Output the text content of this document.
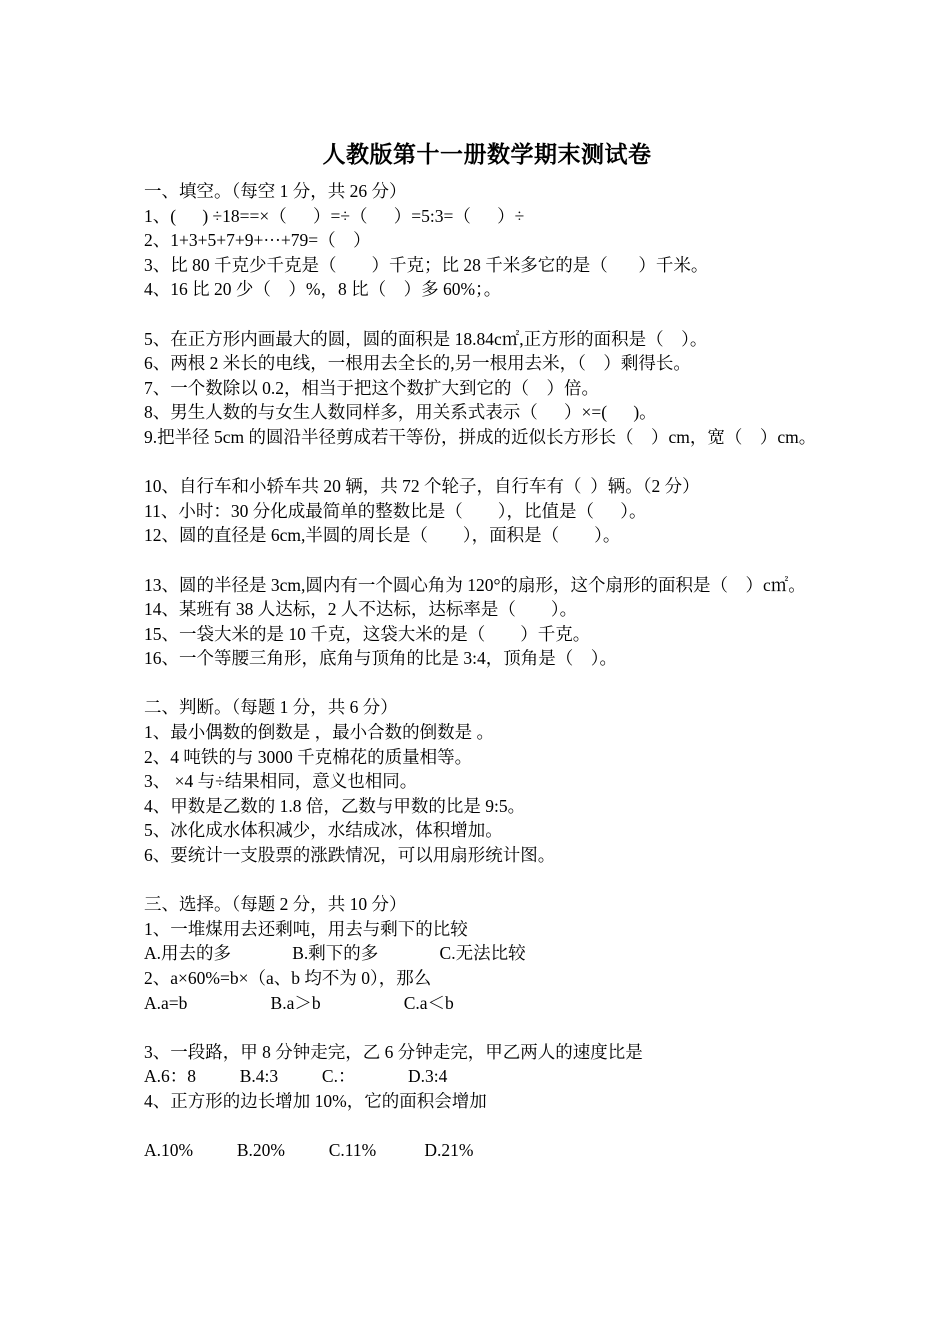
人教版第十一册数学期末测试卷
一、填空。（每空 1 分，共 26 分）
1、(      ) ÷18==×（      ）=÷（      ）=5:3=（      ）÷
2、1+3+5+7+9+···+79=（    ）
3、比 80 千克少千克是（        ）千克；比 28 千米多它的是（       ）千米。
4、16 比 20 少（    ）%，8 比（    ）多 60%；。
5、在正方形内画最大的圆，圆的面积是 18.84c㎡,正方形的面积是（    ）。
6、两根 2 米长的电线，一根用去全长的,另一根用去米，（    ）剩得长。
7、一个数除以 0.2，相当于把这个数扩大到它的（    ）倍。
8、男生人数的与女生人数同样多，用关系式表示（      ）×=(      )。
9.把半径 5cm 的圆沿半径剪成若干等份，拼成的近似长方形长（    ）cm，宽（    ）cm。
10、自行车和小轿车共 20 辆，共 72 个轮子，自行车有（  ）辆。（2 分）
11、小时：30 分化成最简单的整数比是（        ），比值是（      ）。
12、圆的直径是 6cm,半圆的周长是（        ），面积是（        ）。
13、圆的半径是 3cm,圆内有一个圆心角为 120°的扇形，这个扇形的面积是（    ）c㎡。
14、某班有 38 人达标，2 人不达标，达标率是（        ）。
15、一袋大米的是 10 千克，这袋大米的是（        ）千克。
16、一个等腰三角形，底角与顶角的比是 3:4，顶角是（    ）。
二、判断。（每题 1 分，共 6 分）
1、最小偶数的倒数是 ，最小合数的倒数是 。
2、4 吨铁的与 3000 千克棉花的质量相等。
3、 ×4 与÷结果相同，意义也相同。
4、甲数是乙数的 1.8 倍，乙数与甲数的比是 9:5。
5、冰化成水体积减少，水结成冰，体积增加。
6、要统计一支股票的涨跌情况，可以用扇形统计图。
三、选择。（每题 2 分，共 10 分）
1、一堆煤用去还剩吨，用去与剩下的比较
A.用去的多              B.剩下的多              C.无法比较
2、a×60%=b×（a、b 均不为 0），那么
A.a=b                   B.a＞b                   C.a＜b
3、一段路，甲 8 分钟走完，乙 6 分钟走完，甲乙两人的速度比是
A.6：8          B.4:3          C.：            D.3:4
4、正方形的边长增加 10%，它的面积会增加
A.10%          B.20%          C.11%           D.21%
